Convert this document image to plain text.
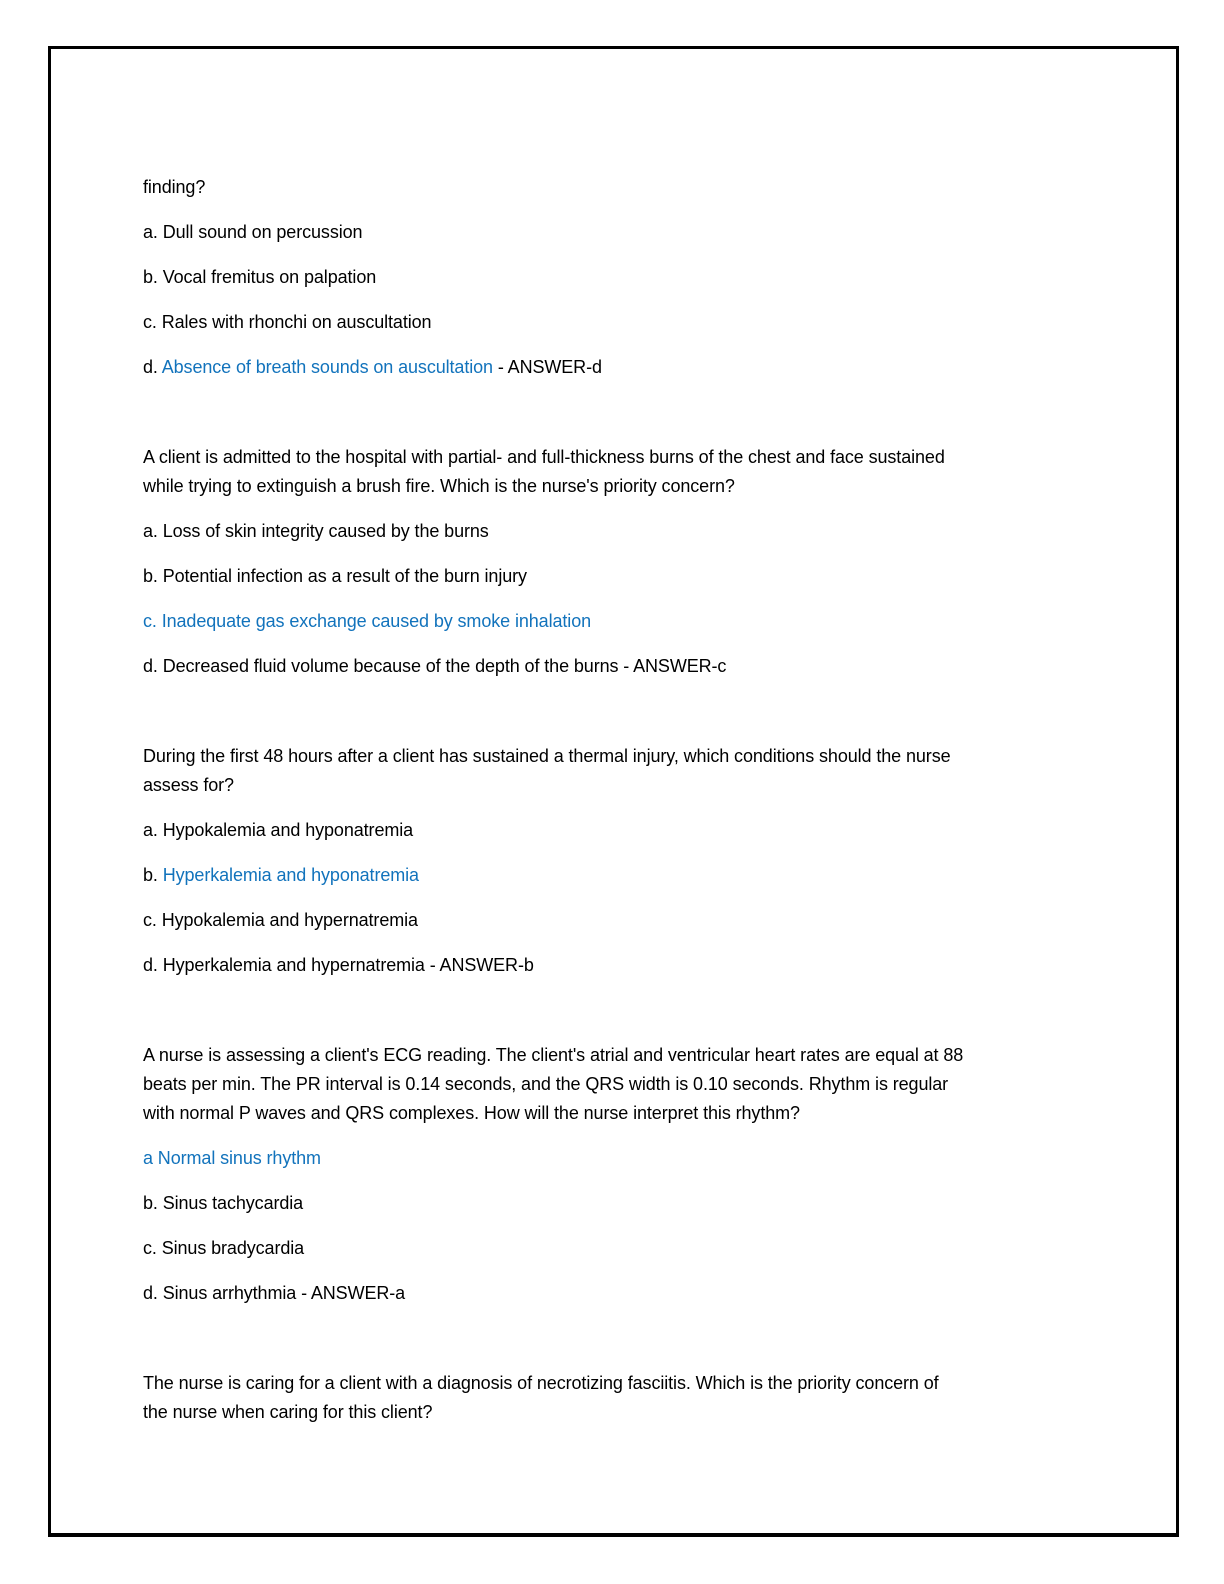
finding?
a. Dull sound on percussion
b. Vocal fremitus on palpation
c. Rales with rhonchi on auscultation
d. Absence of breath sounds on auscultation - ANSWER-d
A client is admitted to the hospital with partial- and full-thickness burns of the chest and face sustained
while trying to extinguish a brush fire. Which is the nurse's priority concern?
a. Loss of skin integrity caused by the burns
b. Potential infection as a result of the burn injury
c. Inadequate gas exchange caused by smoke inhalation
d. Decreased fluid volume because of the depth of the burns - ANSWER-c
During the first 48 hours after a client has sustained a thermal injury, which conditions should the nurse
assess for?
a. Hypokalemia and hyponatremia
b. Hyperkalemia and hyponatremia
c. Hypokalemia and hypernatremia
d. Hyperkalemia and hypernatremia - ANSWER-b
A nurse is assessing a client's ECG reading. The client's atrial and ventricular heart rates are equal at 88
beats per min. The PR interval is 0.14 seconds, and the QRS width is 0.10 seconds. Rhythm is regular
with normal P waves and QRS complexes. How will the nurse interpret this rhythm?
a Normal sinus rhythm
b. Sinus tachycardia
c. Sinus bradycardia
d. Sinus arrhythmia - ANSWER-a
The nurse is caring for a client with a diagnosis of necrotizing fasciitis. Which is the priority concern of
the nurse when caring for this client?
